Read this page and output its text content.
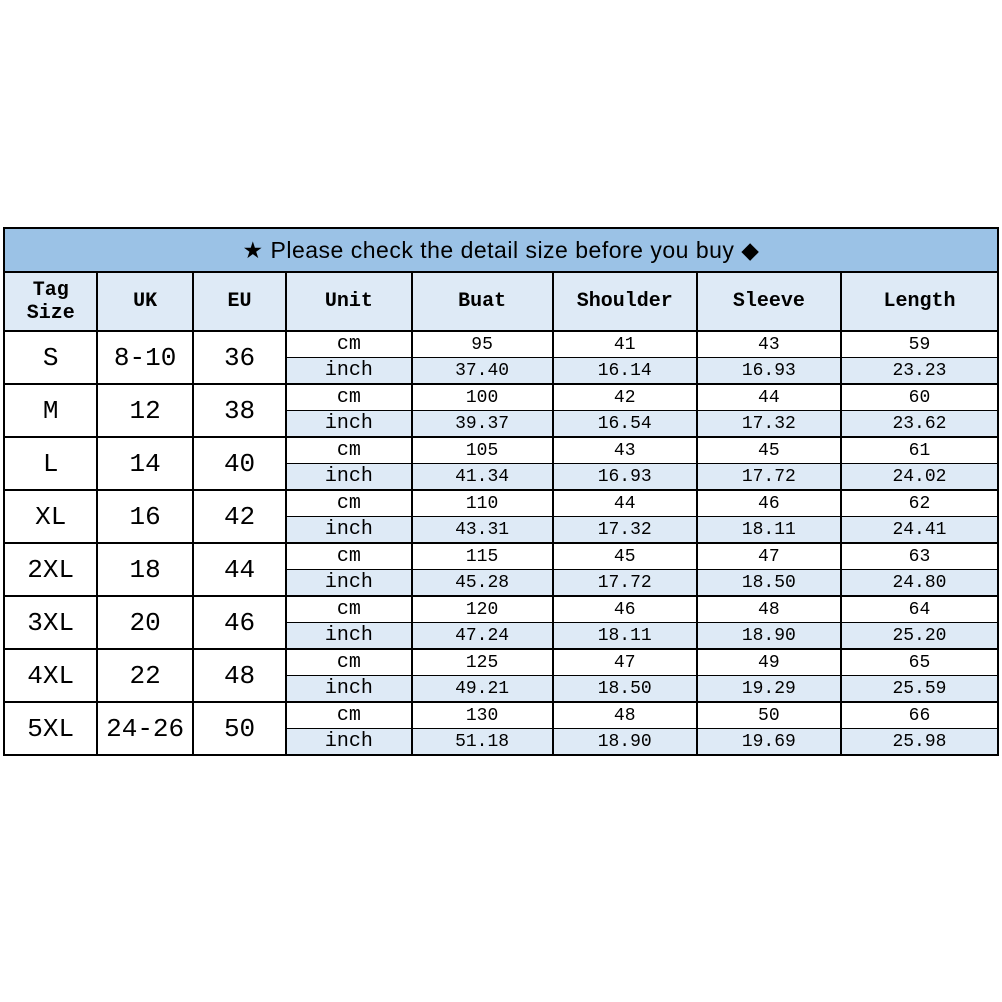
★ Please check the detail size before you buy ◆							
Tag Size	UK	EU	Unit	Buat	Shoulder	Sleeve	Length
S	8-10	36	cm	95	41	43	59
			inch	37.40	16.14	16.93	23.23
M	12	38	cm	100	42	44	60
			inch	39.37	16.54	17.32	23.62
L	14	40	cm	105	43	45	61
			inch	41.34	16.93	17.72	24.02
XL	16	42	cm	110	44	46	62
			inch	43.31	17.32	18.11	24.41
2XL	18	44	cm	115	45	47	63
			inch	45.28	17.72	18.50	24.80
3XL	20	46	cm	120	46	48	64
			inch	47.24	18.11	18.90	25.20
4XL	22	48	cm	125	47	49	65
			inch	49.21	18.50	19.29	25.59
5XL	24-26	50	cm	130	48	50	66
			inch	51.18	18.90	19.69	25.98
